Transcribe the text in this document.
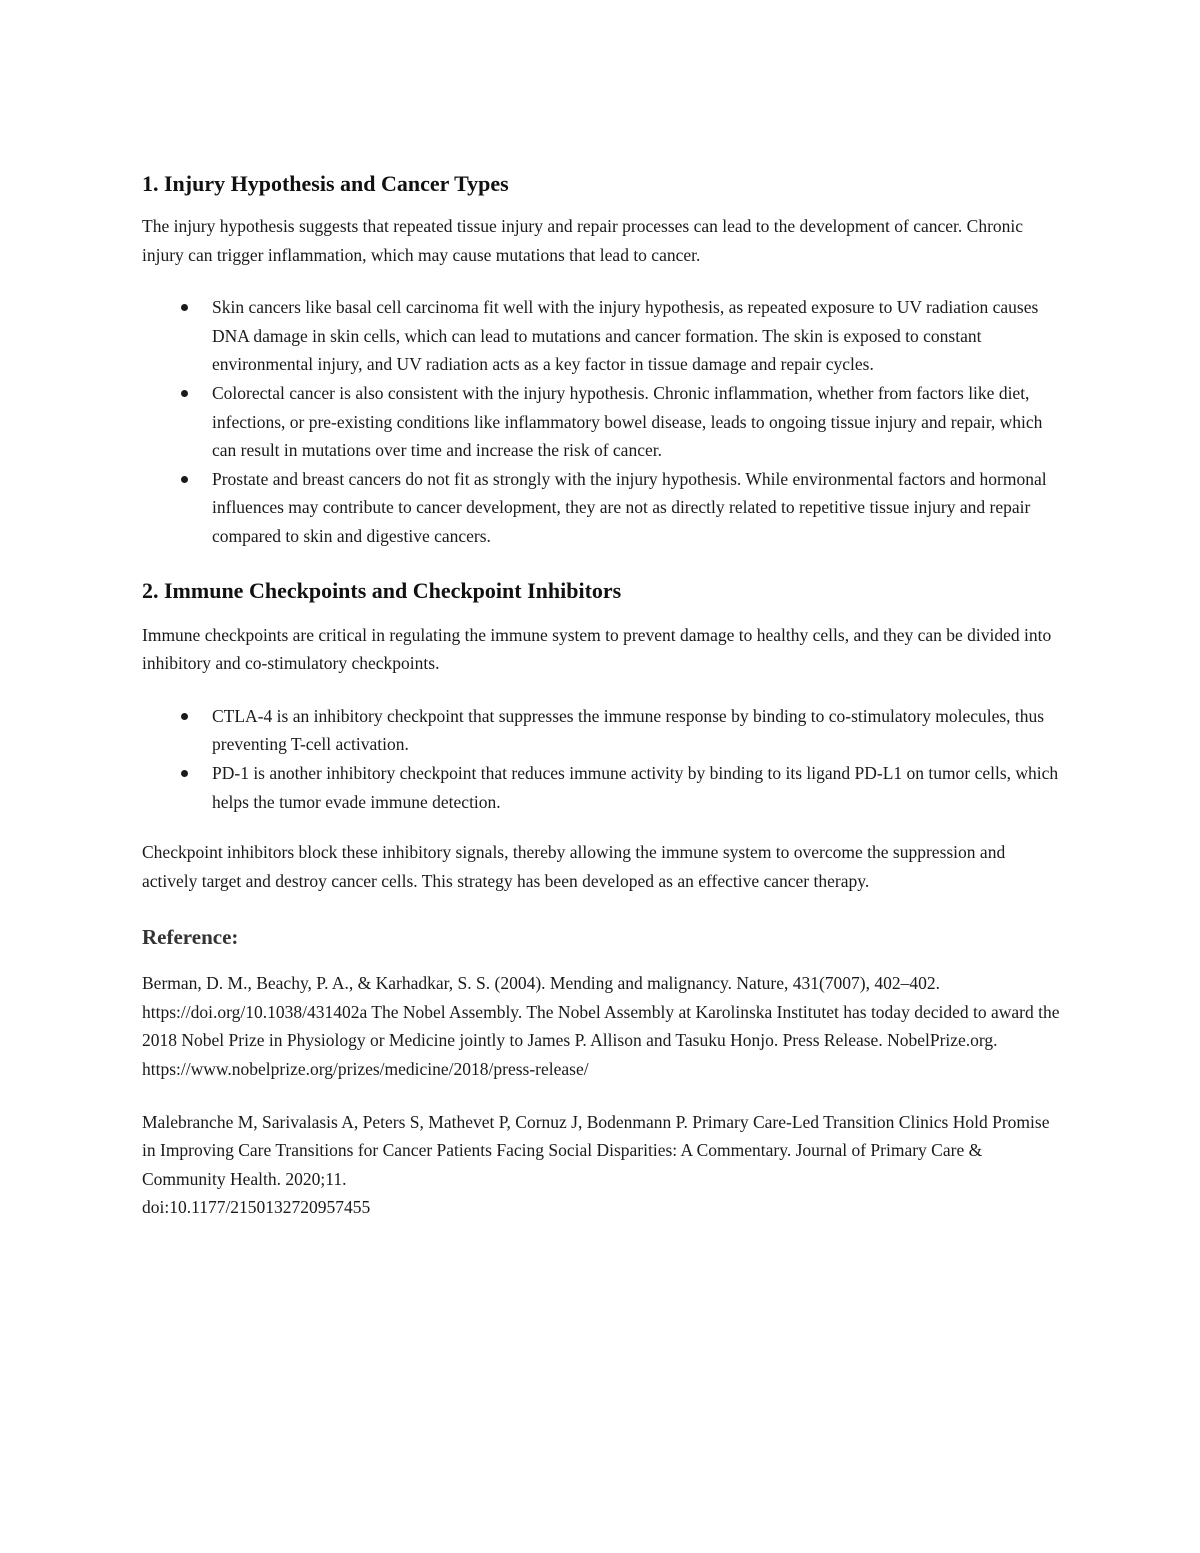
1. Injury Hypothesis and Cancer Types

The injury hypothesis suggests that repeated tissue injury and repair processes can lead to the development of cancer. Chronic injury can trigger inflammation, which may cause mutations that lead to cancer.

Skin cancers like basal cell carcinoma fit well with the injury hypothesis, as repeated exposure to UV radiation causes DNA damage in skin cells, which can lead to mutations and cancer formation. The skin is exposed to constant environmental injury, and UV radiation acts as a key factor in tissue damage and repair cycles.
Colorectal cancer is also consistent with the injury hypothesis. Chronic inflammation, whether from factors like diet, infections, or pre-existing conditions like inflammatory bowel disease, leads to ongoing tissue injury and repair, which can result in mutations over time and increase the risk of cancer.
Prostate and breast cancers do not fit as strongly with the injury hypothesis. While environmental factors and hormonal influences may contribute to cancer development, they are not as directly related to repetitive tissue injury and repair compared to skin and digestive cancers.
2. Immune Checkpoints and Checkpoint Inhibitors

Immune checkpoints are critical in regulating the immune system to prevent damage to healthy cells, and they can be divided into inhibitory and co-stimulatory checkpoints.

CTLA-4 is an inhibitory checkpoint that suppresses the immune response by binding to co-stimulatory molecules, thus preventing T-cell activation.
PD-1 is another inhibitory checkpoint that reduces immune activity by binding to its ligand PD-L1 on tumor cells, which helps the tumor evade immune detection.

Checkpoint inhibitors block these inhibitory signals, thereby allowing the immune system to overcome the suppression and actively target and destroy cancer cells. This strategy has been developed as an effective cancer therapy.

Reference:
Berman, D. M., Beachy, P. A., & Karhadkar, S. S. (2004). Mending and malignancy. Nature, 431(7007), 402–402. https://doi.org/10.1038/431402a The Nobel Assembly. The Nobel Assembly at Karolinska Institutet has today decided to award the 2018 Nobel Prize in Physiology or Medicine jointly to James P. Allison and Tasuku Honjo. Press Release. NobelPrize.org.
https://www.nobelprize.org/prizes/medicine/2018/press-release/
Malebranche M, Sarivalasis A, Peters S, Mathevet P, Cornuz J, Bodenmann P. Primary Care-Led Transition Clinics Hold Promise in Improving Care Transitions for Cancer Patients Facing Social Disparities: A Commentary. Journal of Primary Care & Community Health. 2020;11.
doi:10.1177/2150132720957455
